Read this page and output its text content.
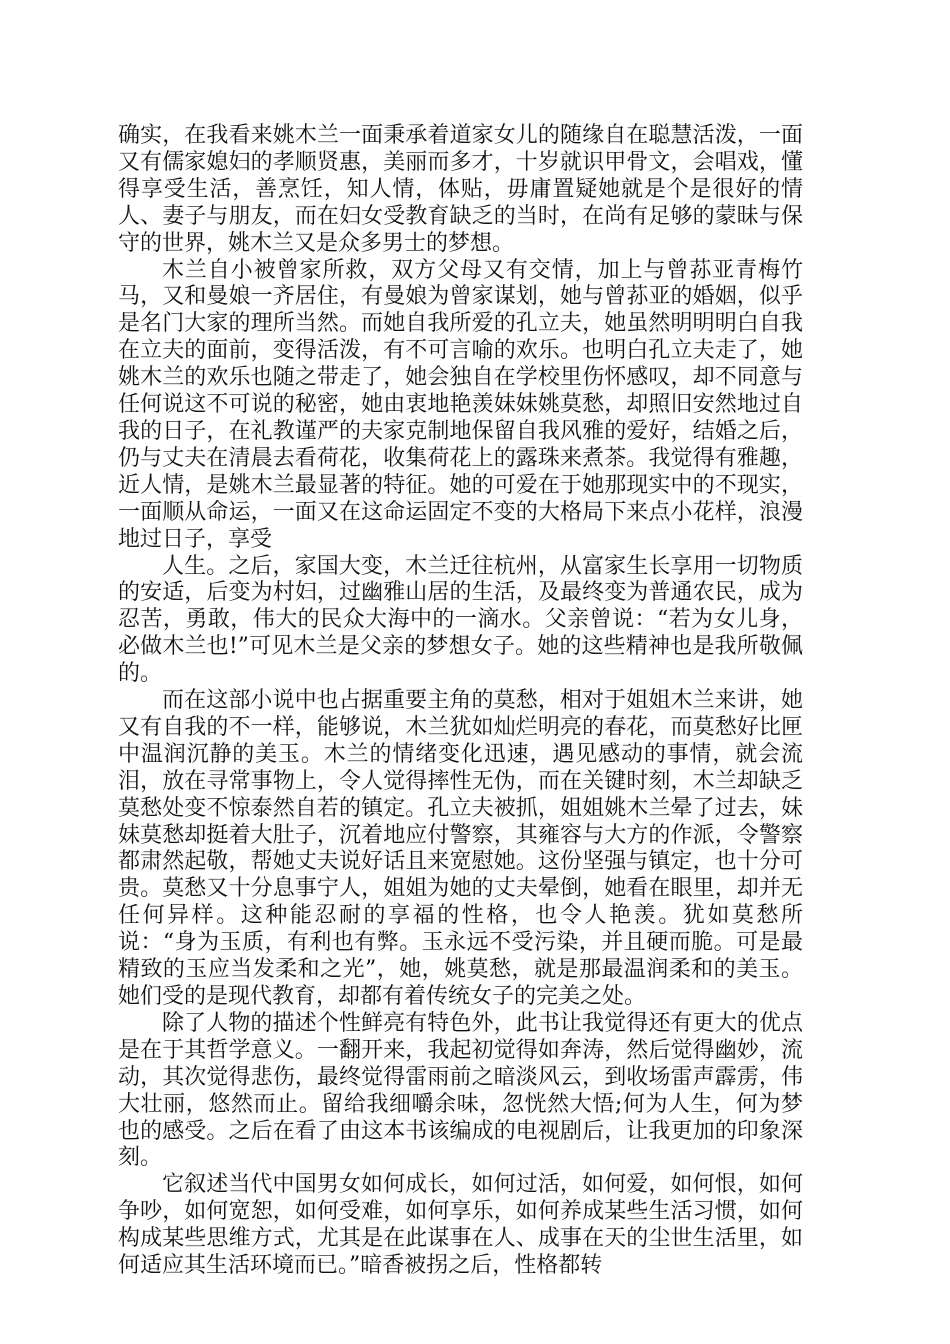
确实，在我看来姚木兰一面秉承着道家女儿的随缘自在聪慧活泼，一面又有儒家媳妇的孝顺贤惠，美丽而多才，十岁就识甲骨文，会唱戏，懂得享受生活，善烹饪，知人情，体贴，毋庸置疑她就是个是很好的情人、妻子与朋友，而在妇女受教育缺乏的当时，在尚有足够的蒙昧与保守的世界，姚木兰又是众多男士的梦想。

木兰自小被曾家所救，双方父母又有交情，加上与曾荪亚青梅竹马，又和曼娘一齐居住，有曼娘为曾家谋划，她与曾荪亚的婚姻，似乎是名门大家的理所当然。而她自我所爱的孔立夫，她虽然明明明白自我在立夫的面前，变得活泼，有不可言喻的欢乐。也明白孔立夫走了，她姚木兰的欢乐也随之带走了，她会独自在学校里伤怀感叹，却不同意与任何说这不可说的秘密，她由衷地艳羡妹妹姚莫愁，却照旧安然地过自我的日子，在礼教谨严的夫家克制地保留自我风雅的爱好，结婚之后，仍与丈夫在清晨去看荷花，收集荷花上的露珠来煮茶。我觉得有雅趣，近人情，是姚木兰最显著的特征。她的可爱在于她那现实中的不现实，一面顺从命运，一面又在这命运固定不变的大格局下来点小花样，浪漫地过日子，享受

人生。之后，家国大变，木兰迁往杭州，从富家生长享用一切物质的安适，后变为村妇，过幽雅山居的生活，及最终变为普通农民，成为忍苦，勇敢，伟大的民众大海中的一滴水。父亲曾说：“若为女儿身，必做木兰也!”可见木兰是父亲的梦想女子。她的这些精神也是我所敬佩的。

而在这部小说中也占据重要主角的莫愁，相对于姐姐木兰来讲，她又有自我的不一样，能够说，木兰犹如灿烂明亮的春花，而莫愁好比匣中温润沉静的美玉。木兰的情绪变化迅速，遇见感动的事情，就会流泪，放在寻常事物上，令人觉得摔性无伪，而在关键时刻，木兰却缺乏莫愁处变不惊泰然自若的镇定。孔立夫被抓，姐姐姚木兰晕了过去，妹妹莫愁却挺着大肚子，沉着地应付警察，其雍容与大方的作派，令警察都肃然起敬，帮她丈夫说好话且来宽慰她。这份坚强与镇定，也十分可贵。莫愁又十分息事宁人，姐姐为她的丈夫晕倒，她看在眼里，却并无任何异样。这种能忍耐的享福的性格，也令人艳羡。犹如莫愁所说：“身为玉质，有利也有弊。玉永远不受污染，并且硬而脆。可是最精致的玉应当发柔和之光”，她，姚莫愁，就是那最温润柔和的美玉。她们受的是现代教育，却都有着传统女子的完美之处。

除了人物的描述个性鲜亮有特色外，此书让我觉得还有更大的优点是在于其哲学意义。一翻开来，我起初觉得如奔涛，然后觉得幽妙，流动，其次觉得悲伤，最终觉得雷雨前之暗淡风云，到收场雷声霹雳，伟大壮丽，悠然而止。留给我细嚼余味，忽恍然大悟;何为人生，何为梦也的感受。之后在看了由这本书该编成的电视剧后，让我更加的印象深刻。

它叙述当代中国男女如何成长，如何过活，如何爱，如何恨，如何争吵，如何宽恕，如何受难，如何享乐，如何养成某些生活习惯，如何构成某些思维方式，尤其是在此谋事在人、成事在天的尘世生活里，如何适应其生活环境而已。”暗香被拐之后，性格都转
